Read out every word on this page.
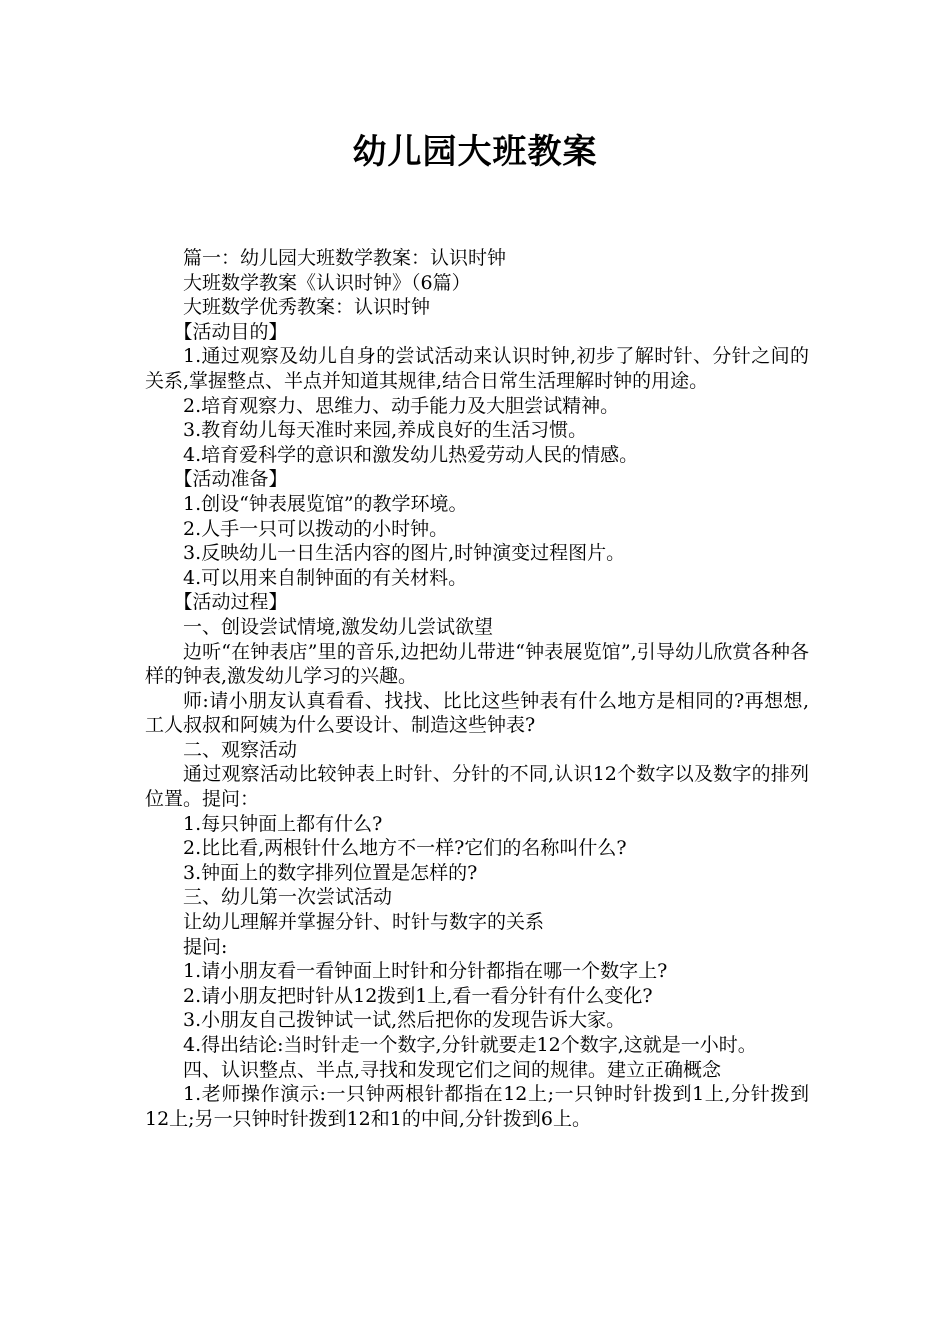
幼儿园大班教案

篇一：幼儿园大班数学教案：认识时钟

大班数学教案《认识时钟》（6篇）

大班数学优秀教案：认识时钟

【活动目的】

1.通过观察及幼儿自身的尝试活动来认识时钟,初步了解时针、分针之间的关系,掌握整点、半点并知道其规律,结合日常生活理解时钟的用途。

2.培育观察力、思维力、动手能力及大胆尝试精神。

3.教育幼儿每天准时来园,养成良好的生活习惯。

4.培育爱科学的意识和激发幼儿热爱劳动人民的情感。

【活动准备】

1.创设“钟表展览馆”的教学环境。

2.人手一只可以拨动的小时钟。

3.反映幼儿一日生活内容的图片,时钟演变过程图片。

4.可以用来自制钟面的有关材料。

【活动过程】

一、创设尝试情境,激发幼儿尝试欲望

边听“在钟表店”里的音乐,边把幼儿带进“钟表展览馆”,引导幼儿欣赏各种各样的钟表,激发幼儿学习的兴趣。

师:请小朋友认真看看、找找、比比这些钟表有什么地方是相同的?再想想,工人叔叔和阿姨为什么要设计、制造这些钟表?

二、观察活动

通过观察活动比较钟表上时针、分针的不同,认识12个数字以及数字的排列位置。提问：

1.每只钟面上都有什么?

2.比比看,两根针什么地方不一样?它们的名称叫什么?

3.钟面上的数字排列位置是怎样的?

三、幼儿第一次尝试活动

让幼儿理解并掌握分针、时针与数字的关系

提问:

1.请小朋友看一看钟面上时针和分针都指在哪一个数字上?

2.请小朋友把时针从12拨到1上,看一看分针有什么变化?

3.小朋友自己拨钟试一试,然后把你的发现告诉大家。

4.得出结论:当时针走一个数字,分针就要走12个数字,这就是一小时。

四、认识整点、半点,寻找和发现它们之间的规律。建立正确概念

1.老师操作演示:一只钟两根针都指在12上;一只钟时针拨到1上,分针拨到12上;另一只钟时针拨到12和1的中间,分针拨到6上。
